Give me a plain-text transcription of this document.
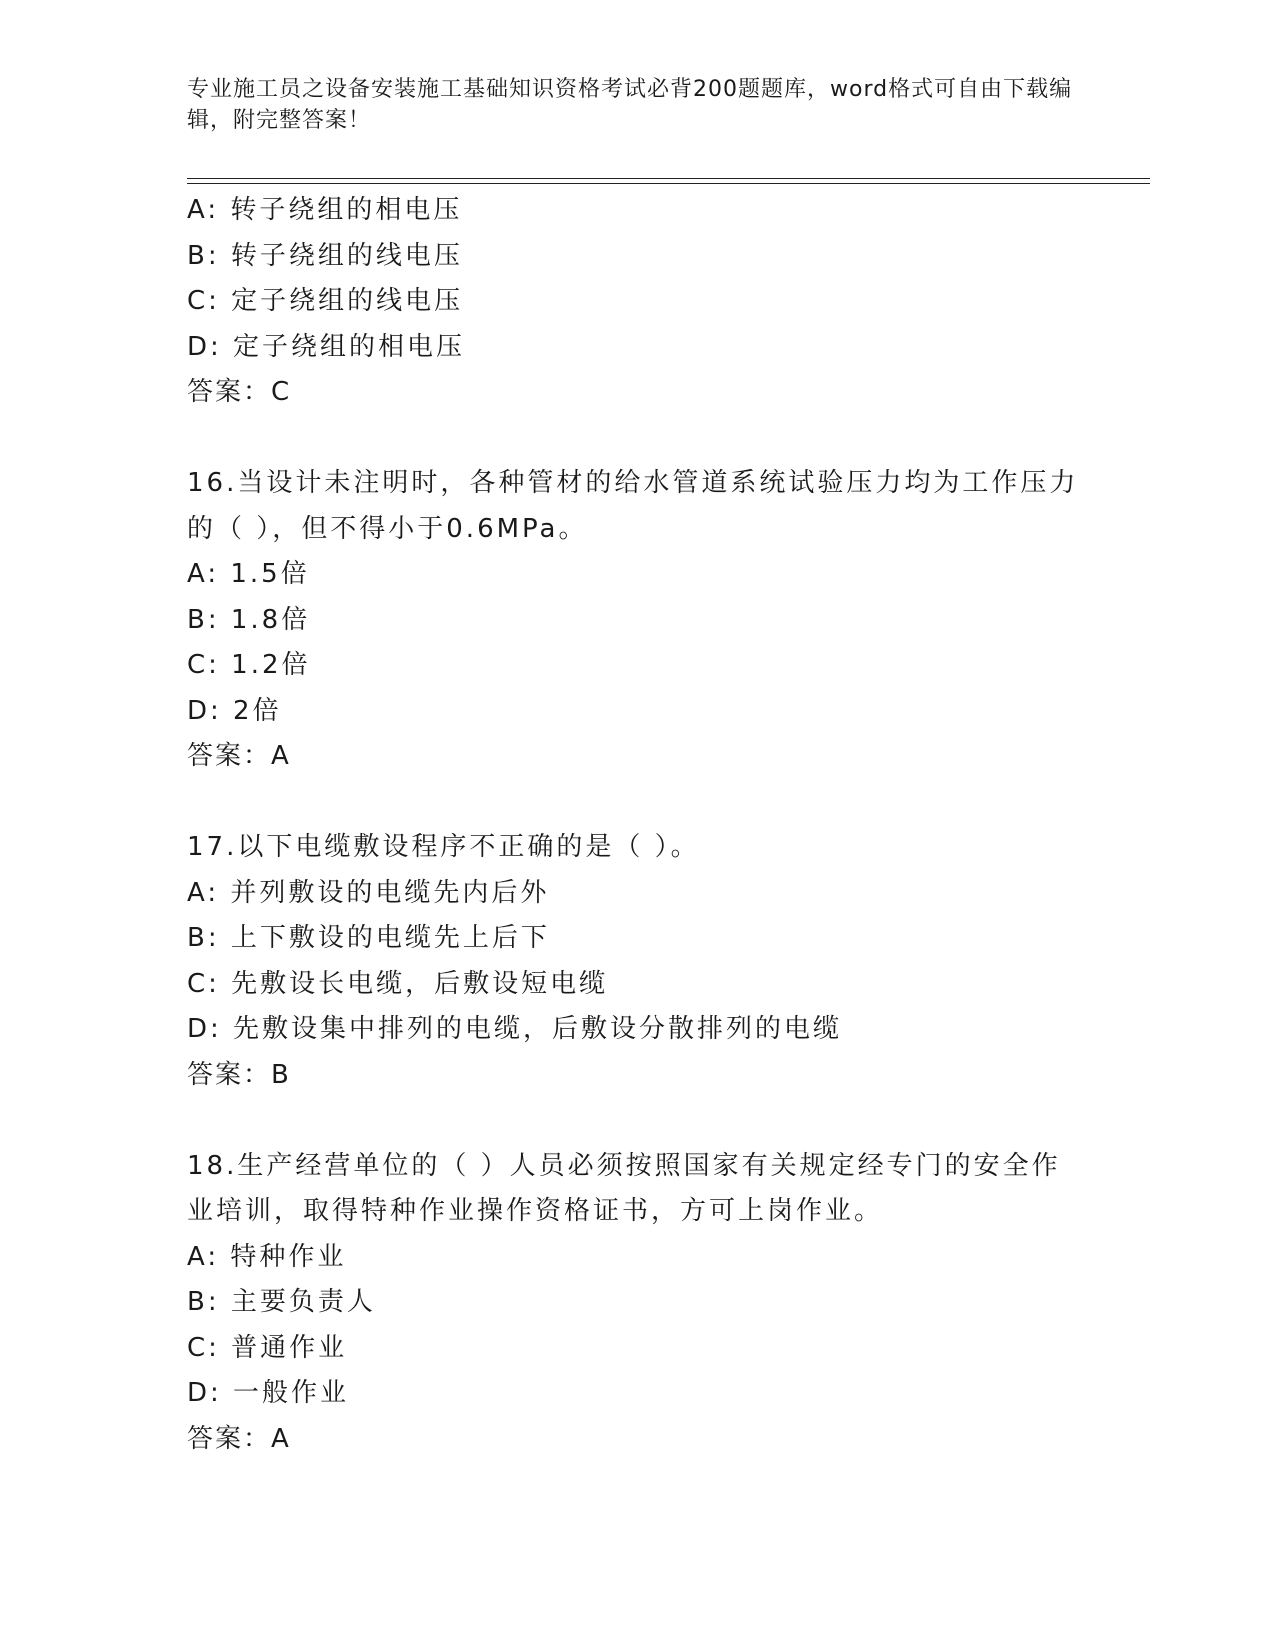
专业施工员之设备安装施工基础知识资格考试必背200题题库，word格式可自由下载编辑，附完整答案！
A: 转子绕组的相电压
B: 转子绕组的线电压
C: 定子绕组的线电压
D: 定子绕组的相电压
答案：C
16.当设计未注明时，各种管材的给水管道系统试验压力均为工作压力的（ ），但不得小于0.6MPa。
A: 1.5倍
B: 1.8倍
C: 1.2倍
D: 2倍
答案：A
17.以下电缆敷设程序不正确的是（ ）。
A: 并列敷设的电缆先内后外
B: 上下敷设的电缆先上后下
C: 先敷设长电缆，后敷设短电缆
D: 先敷设集中排列的电缆，后敷设分散排列的电缆
答案：B
18.生产经营单位的（ ）人员必须按照国家有关规定经专门的安全作业培训，取得特种作业操作资格证书，方可上岗作业。
A: 特种作业
B: 主要负责人
C: 普通作业
D: 一般作业
答案：A
